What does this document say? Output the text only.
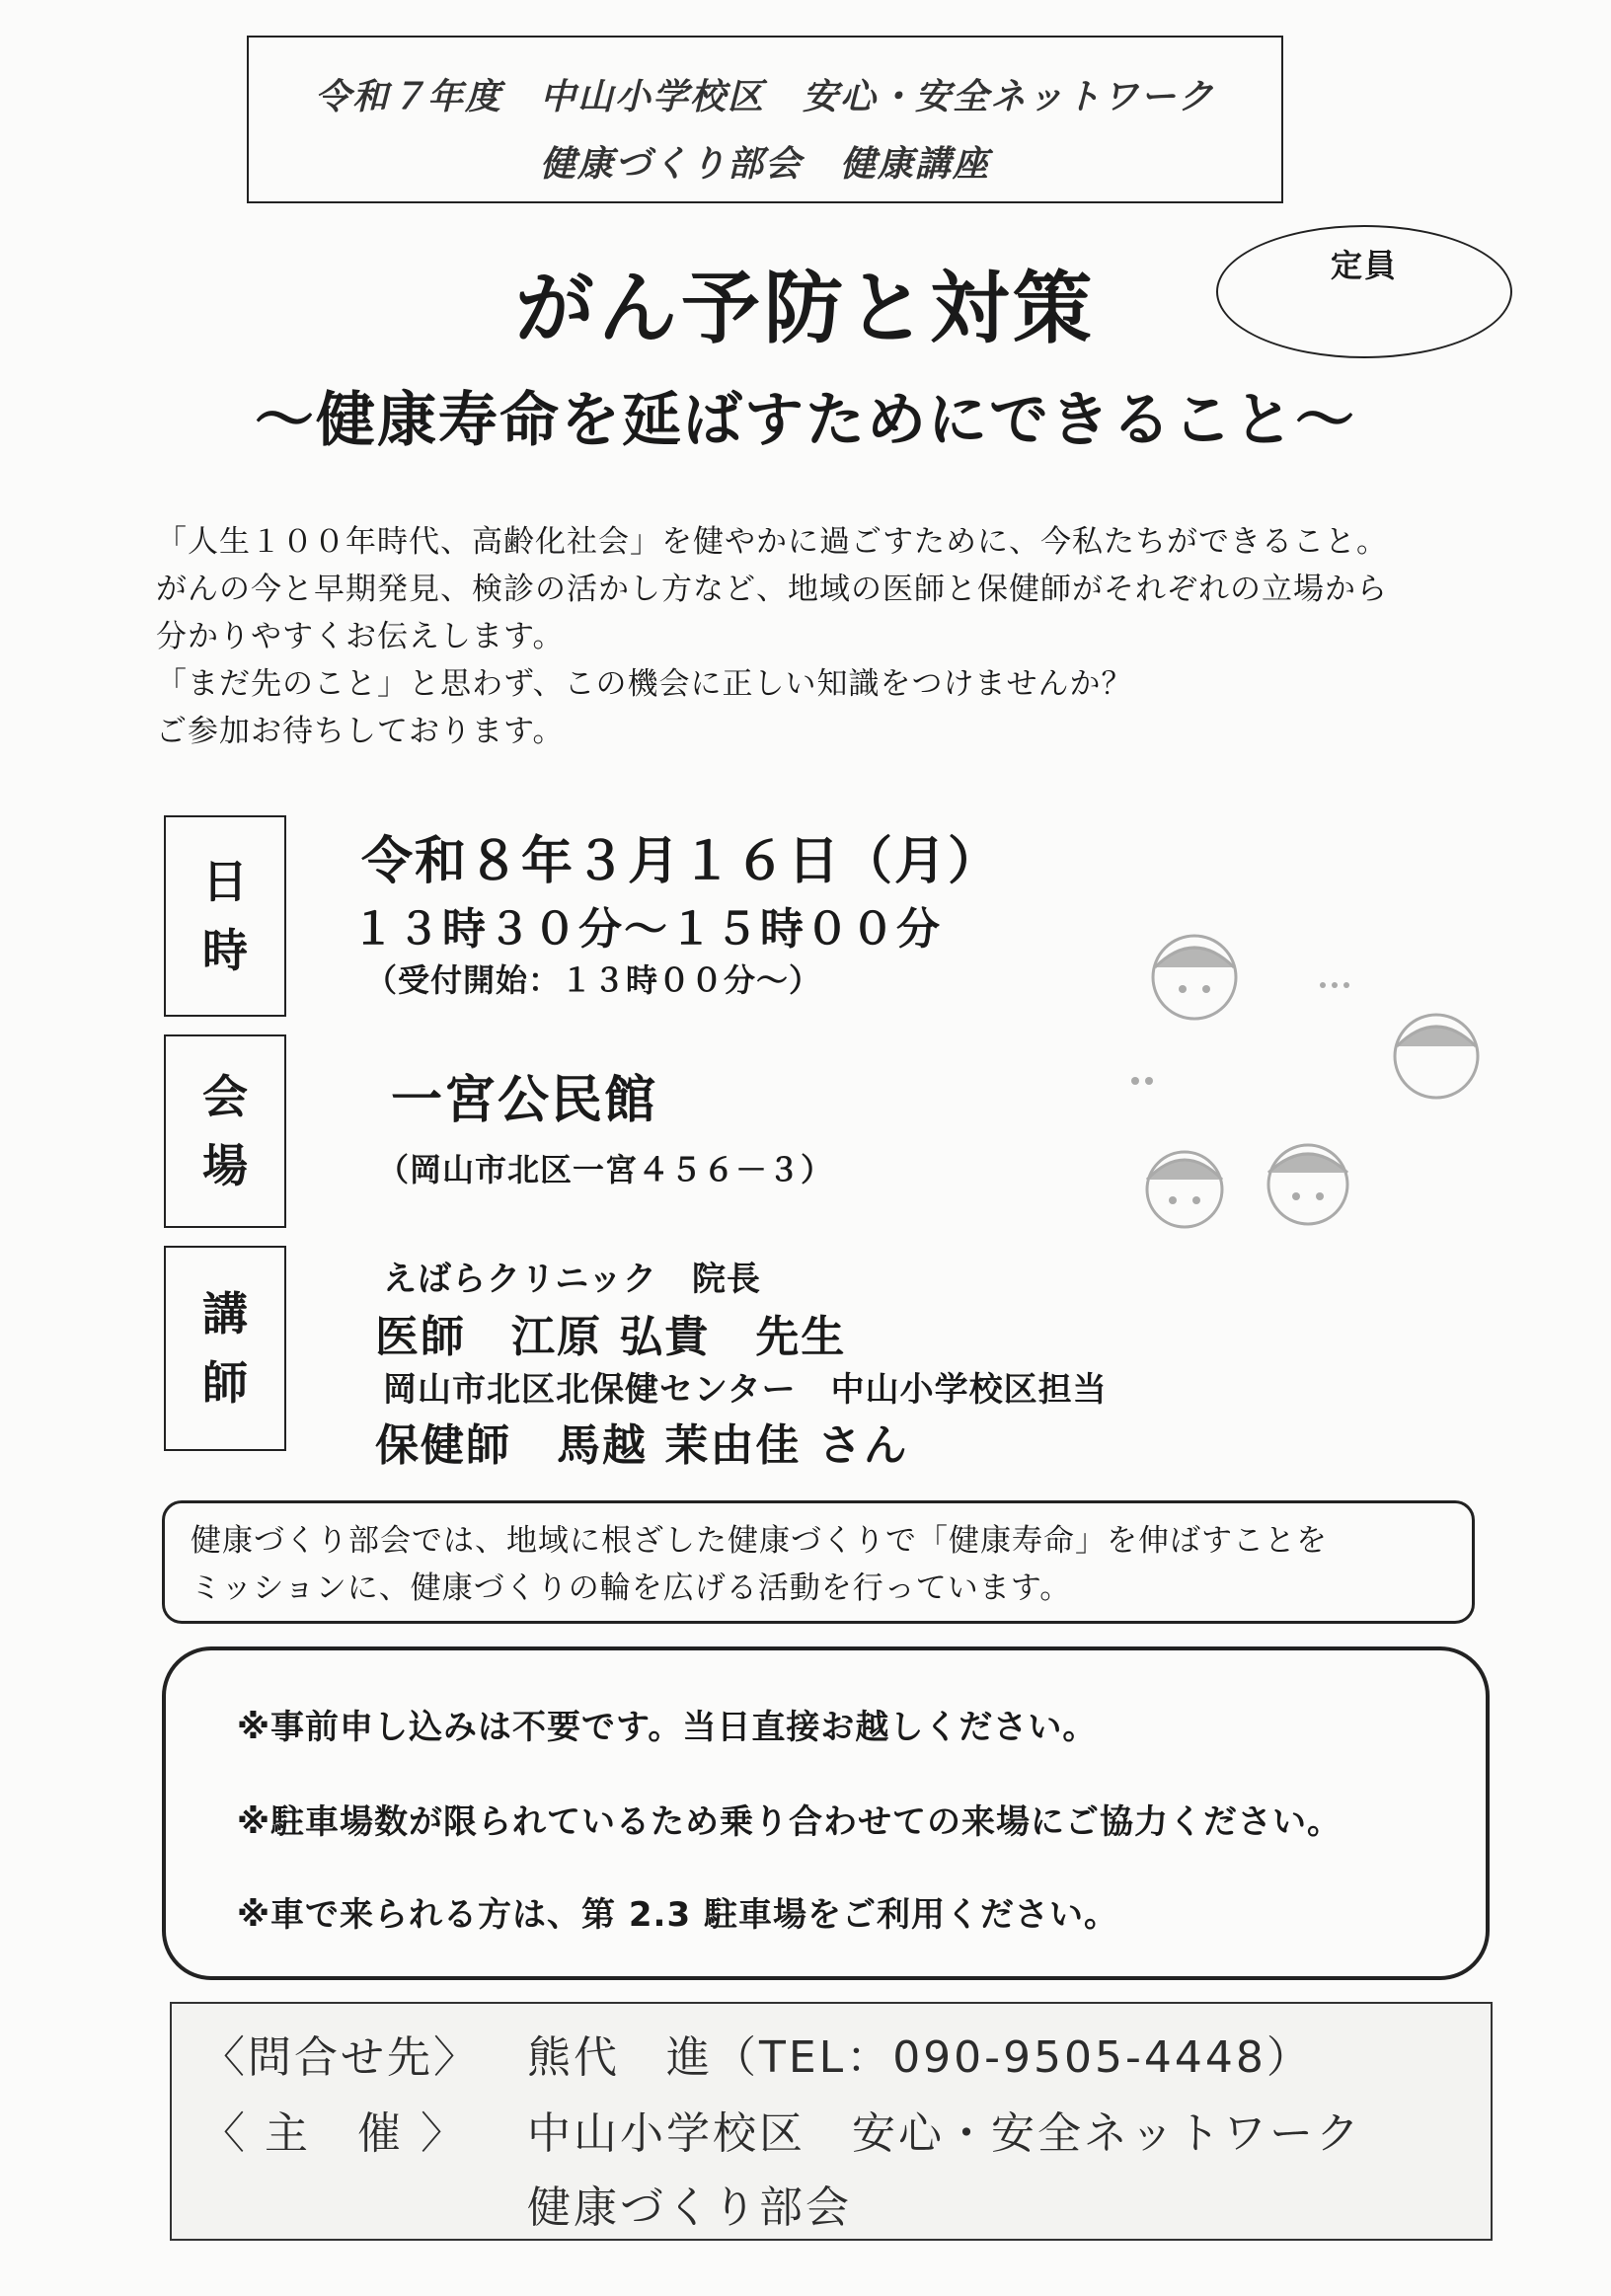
令和７年度　中山小学校区　安心・安全ネットワーク
健康づくり部会　健康講座
定員
がん予防と対策
～健康寿命を延ばすためにできること～

「人生１００年時代、高齢化社会」を健やかに過ごすために、今私たちができること。

がんの今と早期発見、検診の活かし方など、地域の医師と保健師がそれぞれの立場から

分かりやすくお伝えします。

「まだ先のこと」と思わず、この機会に正しい知識をつけませんか？

ご参加お待ちしております。

日
時
令和８年３月１６日（月）
１３時３０分～１５時００分
（受付開始：１３時００分～）
会
場
一宮公民館
（岡山市北区一宮４５６－３）
講
師
えばらクリニック　院長
医師　江原 弘貴　先生
岡山市北区北保健センター　中山小学校区担当
保健師　馬越 茉由佳 さん

健康づくり部会では、地域に根ざした健康づくりで「健康寿命」を伸ばすことを

ミッションに、健康づくりの輪を広げる活動を行っています。

※事前申し込みは不要です。当日直接お越しください。
※駐車場数が限られているため乗り合わせての来場にご協力ください。
※車で来られる方は、第 2.3 駐車場をご利用ください。
〈問合せ先〉 熊代　進（TEL：090-9505-4448）
〈 主　催 〉 中山小学校区　安心・安全ネットワーク
健康づくり部会
